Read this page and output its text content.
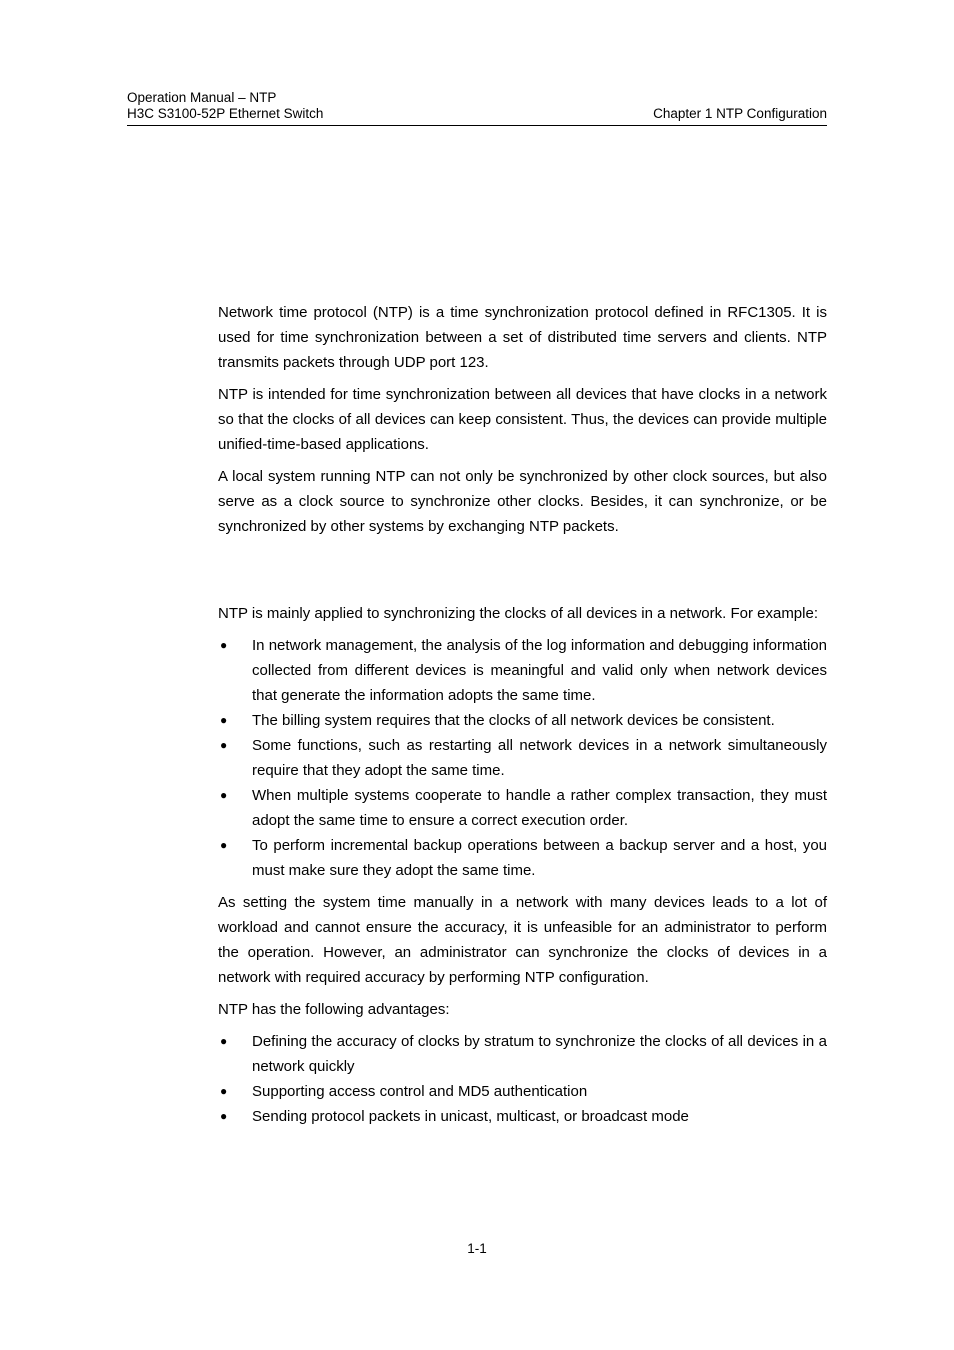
Operation Manual – NTP
H3C S3100-52P Ethernet Switch	Chapter 1 NTP Configuration

Network time protocol (NTP) is a time synchronization protocol defined in RFC1305. It is used for time synchronization between a set of distributed time servers and clients. NTP transmits packets through UDP port 123.

NTP is intended for time synchronization between all devices that have clocks in a network so that the clocks of all devices can keep consistent. Thus, the devices can provide multiple unified-time-based applications.

A local system running NTP can not only be synchronized by other clock sources, but also serve as a clock source to synchronize other clocks. Besides, it can synchronize, or be synchronized by other systems by exchanging NTP packets.

NTP is mainly applied to synchronizing the clocks of all devices in a network. For example:

● In network management, the analysis of the log information and debugging information collected from different devices is meaningful and valid only when network devices that generate the information adopts the same time.
● The billing system requires that the clocks of all network devices be consistent.
● Some functions, such as restarting all network devices in a network simultaneously require that they adopt the same time.
● When multiple systems cooperate to handle a rather complex transaction, they must adopt the same time to ensure a correct execution order.
● To perform incremental backup operations between a backup server and a host, you must make sure they adopt the same time.

As setting the system time manually in a network with many devices leads to a lot of workload and cannot ensure the accuracy, it is unfeasible for an administrator to perform the operation. However, an administrator can synchronize the clocks of devices in a network with required accuracy by performing NTP configuration.

NTP has the following advantages:

● Defining the accuracy of clocks by stratum to synchronize the clocks of all devices in a network quickly
● Supporting access control and MD5 authentication
● Sending protocol packets in unicast, multicast, or broadcast mode
1-1
